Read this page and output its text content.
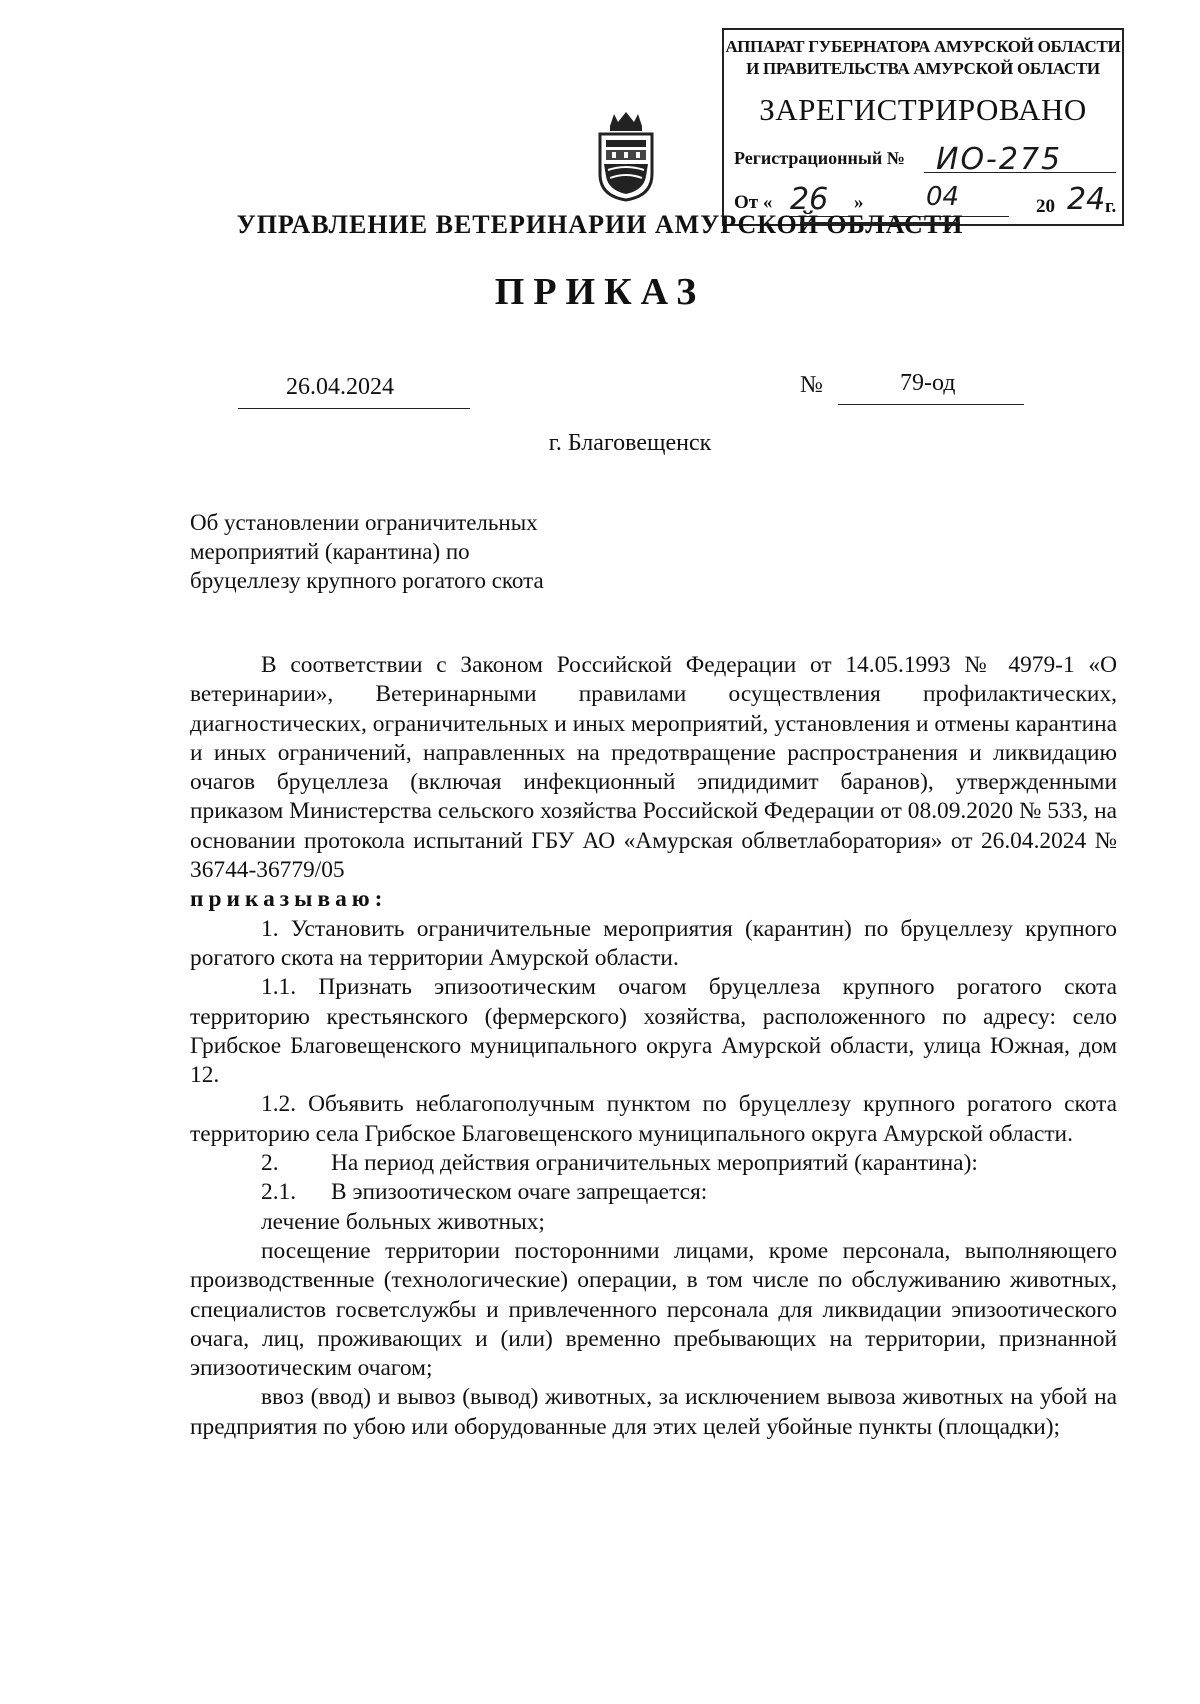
АППАРАТ ГУБЕРНАТОРА АМУРСКОЙ ОБЛАСТИ
И ПРАВИТЕЛЬСТВА АМУРСКОЙ ОБЛАСТИ
ЗАРЕГИСТРИРОВАНО
Регистрационный № ИО-275
От « 26 » 04	20 24 г.
УПРАВЛЕНИЕ ВЕТЕРИНАРИИ АМУРСКОЙ ОБЛАСТИ
ПРИКАЗ
26.04.2024	№	79-од
г. Благовещенск
Об установлении ограничительных
мероприятий (карантина) по
бруцеллезу крупного рогатого скота

В соответствии с Законом Российской Федерации от 14.05.1993 № 4979-1 «О ветеринарии», Ветеринарными правилами осуществления профилактических, диагностических, ограничительных и иных мероприятий, установления и отмены карантина и иных ограничений, направленных на предотвращение распространения и ликвидацию очагов бруцеллеза (включая инфекционный эпидидимит баранов), утвержденными приказом Министерства сельского хозяйства Российской Федерации от 08.09.2020 № 533, на основании протокола испытаний ГБУ АО «Амурская облветлаборатория» от 26.04.2024 № 36744-36779/05

приказываю:

1. Установить ограничительные мероприятия (карантин) по бруцеллезу крупного рогатого скота на территории Амурской области.

1.1. Признать эпизоотическим очагом бруцеллеза крупного рогатого скота территорию крестьянского (фермерского) хозяйства, расположенного по адресу: село Грибское Благовещенского муниципального округа Амурской области, улица Южная, дом 12.

1.2. Объявить неблагополучным пунктом по бруцеллезу крупного рогатого скота территорию села Грибское Благовещенского муниципального округа Амурской области.

2.	На период действия ограничительных мероприятий (карантина):
2.1.	В эпизоотическом очаге запрещается:

лечение больных животных;

посещение территории посторонними лицами, кроме персонала, выполняющего производственные (технологические) операции, в том числе по обслуживанию животных, специалистов госветслужбы и привлеченного персонала для ликвидации эпизоотического очага, лиц, проживающих и (или) временно пребывающих на территории, признанной эпизоотическим очагом;

ввоз (ввод) и вывоз (вывод) животных, за исключением вывоза животных на убой на предприятия по убою или оборудованные для этих целей убойные пункты (площадки);
